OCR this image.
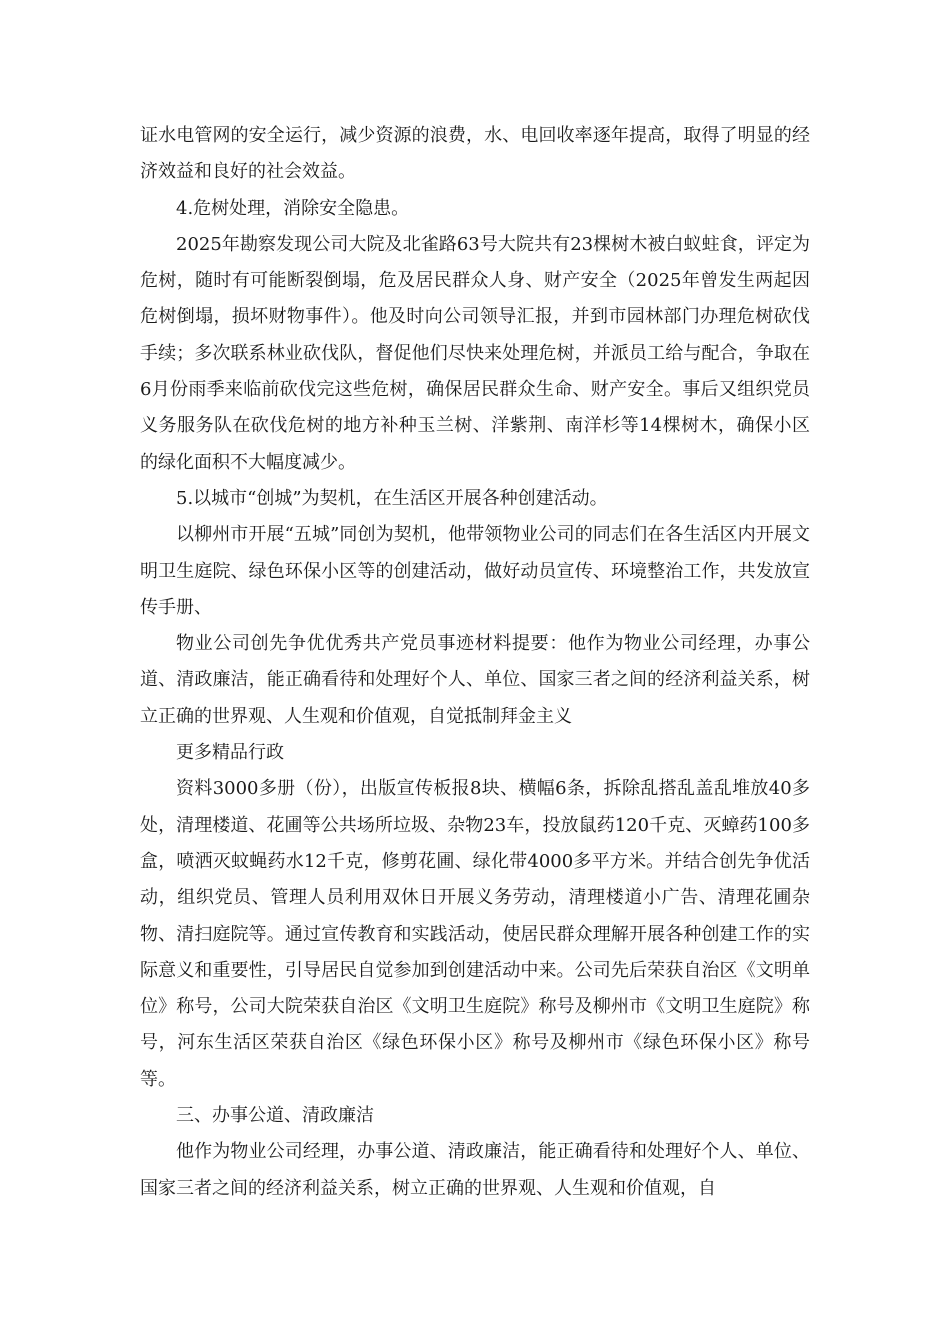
证水电管网的安全运行，减少资源的浪费，水、电回收率逐年提高，取得了明显的经济效益和良好的社会效益。

4.危树处理，消除安全隐患。

2025年勘察发现公司大院及北雀路63号大院共有23棵树木被白蚁蛀食，评定为危树，随时有可能断裂倒塌，危及居民群众人身、财产安全（2025年曾发生两起因危树倒塌，损坏财物事件）。他及时向公司领导汇报，并到市园林部门办理危树砍伐手续；多次联系林业砍伐队，督促他们尽快来处理危树，并派员工给与配合，争取在6月份雨季来临前砍伐完这些危树，确保居民群众生命、财产安全。事后又组织党员义务服务队在砍伐危树的地方补种玉兰树、洋紫荆、南洋杉等14棵树木，确保小区的绿化面积不大幅度减少。

5.以城市“创城”为契机，在生活区开展各种创建活动。

以柳州市开展“五城”同创为契机，他带领物业公司的同志们在各生活区内开展文明卫生庭院、绿色环保小区等的创建活动，做好动员宣传、环境整治工作，共发放宣传手册、

物业公司创先争优优秀共产党员事迹材料提要：他作为物业公司经理，办事公道、清政廉洁，能正确看待和处理好个人、单位、国家三者之间的经济利益关系，树立正确的世界观、人生观和价值观，自觉抵制拜金主义

更多精品行政

资料3000多册（份），出版宣传板报8块、横幅6条，拆除乱搭乱盖乱堆放40多处，清理楼道、花圃等公共场所垃圾、杂物23车，投放鼠药120千克、灭蟑药100多盒，喷洒灭蚊蝇药水12千克，修剪花圃、绿化带4000多平方米。并结合创先争优活动，组织党员、管理人员利用双休日开展义务劳动，清理楼道小广告、清理花圃杂物、清扫庭院等。通过宣传教育和实践活动，使居民群众理解开展各种创建工作的实际意义和重要性，引导居民自觉参加到创建活动中来。公司先后荣获自治区《文明单位》称号，公司大院荣获自治区《文明卫生庭院》称号及柳州市《文明卫生庭院》称号，河东生活区荣获自治区《绿色环保小区》称号及柳州市《绿色环保小区》称号等。

三、办事公道、清政廉洁

他作为物业公司经理，办事公道、清政廉洁，能正确看待和处理好个人、单位、国家三者之间的经济利益关系，树立正确的世界观、人生观和价值观，自
